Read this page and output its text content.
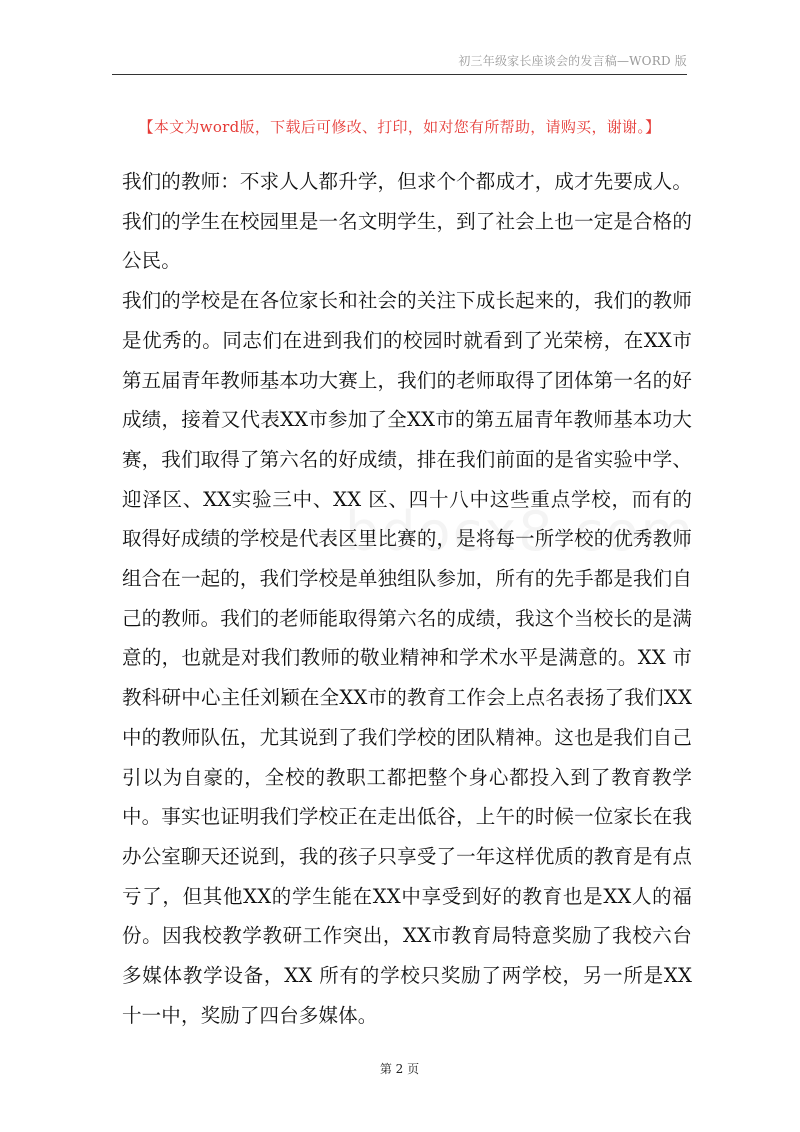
初三年级家长座谈会的发言稿—WORD 版
【本文为word版，下载后可修改、打印，如对您有所帮助，请购买，谢谢。】

我们的教师：不求人人都升学，但求个个都成才，成才先要成人。我们的学生在校园里是一名文明学生，到了社会上也一定是合格的公民。

我们的学校是在各位家长和社会的关注下成长起来的，我们的教师是优秀的。同志们在进到我们的校园时就看到了光荣榜，在XX市第五届青年教师基本功大赛上，我们的老师取得了团体第一名的好成绩，接着又代表XX市参加了全XX市的第五届青年教师基本功大赛，我们取得了第六名的好成绩，排在我们前面的是省实验中学、迎泽区、XX实验三中、XX 区、四十八中这些重点学校，而有的取得好成绩的学校是代表区里比赛的，是将每一所学校的优秀教师组合在一起的，我们学校是单独组队参加，所有的先手都是我们自己的教师。我们的老师能取得第六名的成绩，我这个当校长的是满意的，也就是对我们教师的敬业精神和学术水平是满意的。XX 市教科研中心主任刘颖在全XX市的教育工作会上点名表扬了我们XX中的教师队伍，尤其说到了我们学校的团队精神。这也是我们自己引以为自豪的，全校的教职工都把整个身心都投入到了教育教学中。事实也证明我们学校正在走出低谷，上午的时候一位家长在我办公室聊天还说到，我的孩子只享受了一年这样优质的教育是有点亏了，但其他XX的学生能在XX中享受到好的教育也是XX人的福份。因我校教学教研工作突出，XX市教育局特意奖励了我校六台多媒体教学设备，XX 所有的学校只奖励了两学校，另一所是XX十一中，奖励了四台多媒体。

第 2 页
